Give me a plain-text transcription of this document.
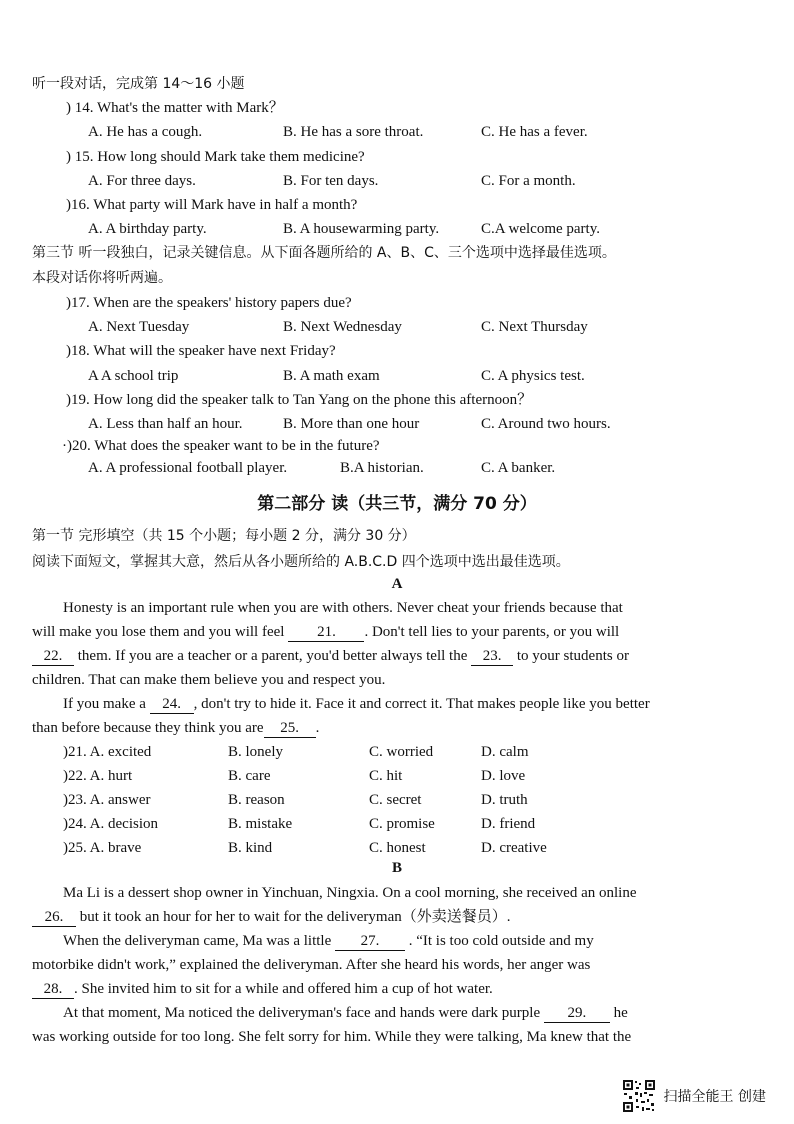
听一段对话，完成第 14～16 小题
) 14. What's the matter with Mark？
A. He has a cough.	B. He has a sore throat.	C. He has a fever.
) 15. How long should Mark take them medicine?
A. For three days.	B. For ten days.	C. For a month.
)16. What party will Mark have in half a month?
A. A birthday party.	B. A housewarming party.	C.A welcome party.
第三节 听一段独白，记录关键信息。从下面各题所给的 A、B、C、三个选项中选择最佳选项。
本段对话你将听两遍。
)17. When are the speakers' history papers due?
A. Next Tuesday	B. Next Wednesday	C. Next Thursday
)18. What will the speaker have next Friday?
A A school trip	B. A math exam	C. A physics test.
)19. How long did the speaker talk to Tan Yang on the phone this afternoon？
A. Less than half an hour.	B. More than one hour	C. Around two hours.
·)20. What does the speaker want to be in the future?
A. A professional football player.	B.A historian.	C. A banker.
第二部分 读（共三节，满分 70 分）
第一节 完形填空（共 15 个小题；每小题 2 分，满分 30 分）
阅读下面短文，掌握其大意，然后从各小题所给的 A.B.C.D 四个选项中选出最佳选项。
A
Honesty is an important rule when you are with others. Never cheat your friends because that
will make you lose them and you will feel 21. . Don't tell lies to your parents, or you will
22. them. If you are a teacher or a parent, you'd better always tell the 23. to your students or
children. That can make them believe you and respect you.
If you make a 24. , don't try to hide it. Face it and correct it. That makes people like you better
than before because they think you are 25. .
)21. A. excited	B. lonely	C. worried	D. calm
)22. A. hurt	B. care	C. hit	D. love
)23. A. answer	B. reason	C. secret	D. truth
)24. A. decision	B. mistake	C. promise	D. friend
)25. A. brave	B. kind	C. honest	D. creative
B
Ma Li is a dessert shop owner in Yinchuan, Ningxia. On a cool morning, she received an online
26. but it took an hour for her to wait for the deliveryman（外卖送餐员）.
When the deliveryman came, Ma was a little 27. . “It is too cold outside and my
motorbike didn't work,” explained the deliveryman. After she heard his words, her anger was
28. . She invited him to sit for a while and offered him a cup of hot water.
At that moment, Ma noticed the deliveryman's face and hands were dark purple 29. he
was working outside for too long. She felt sorry for him. While they were talking, Ma knew that the
扫描全能王 创建
